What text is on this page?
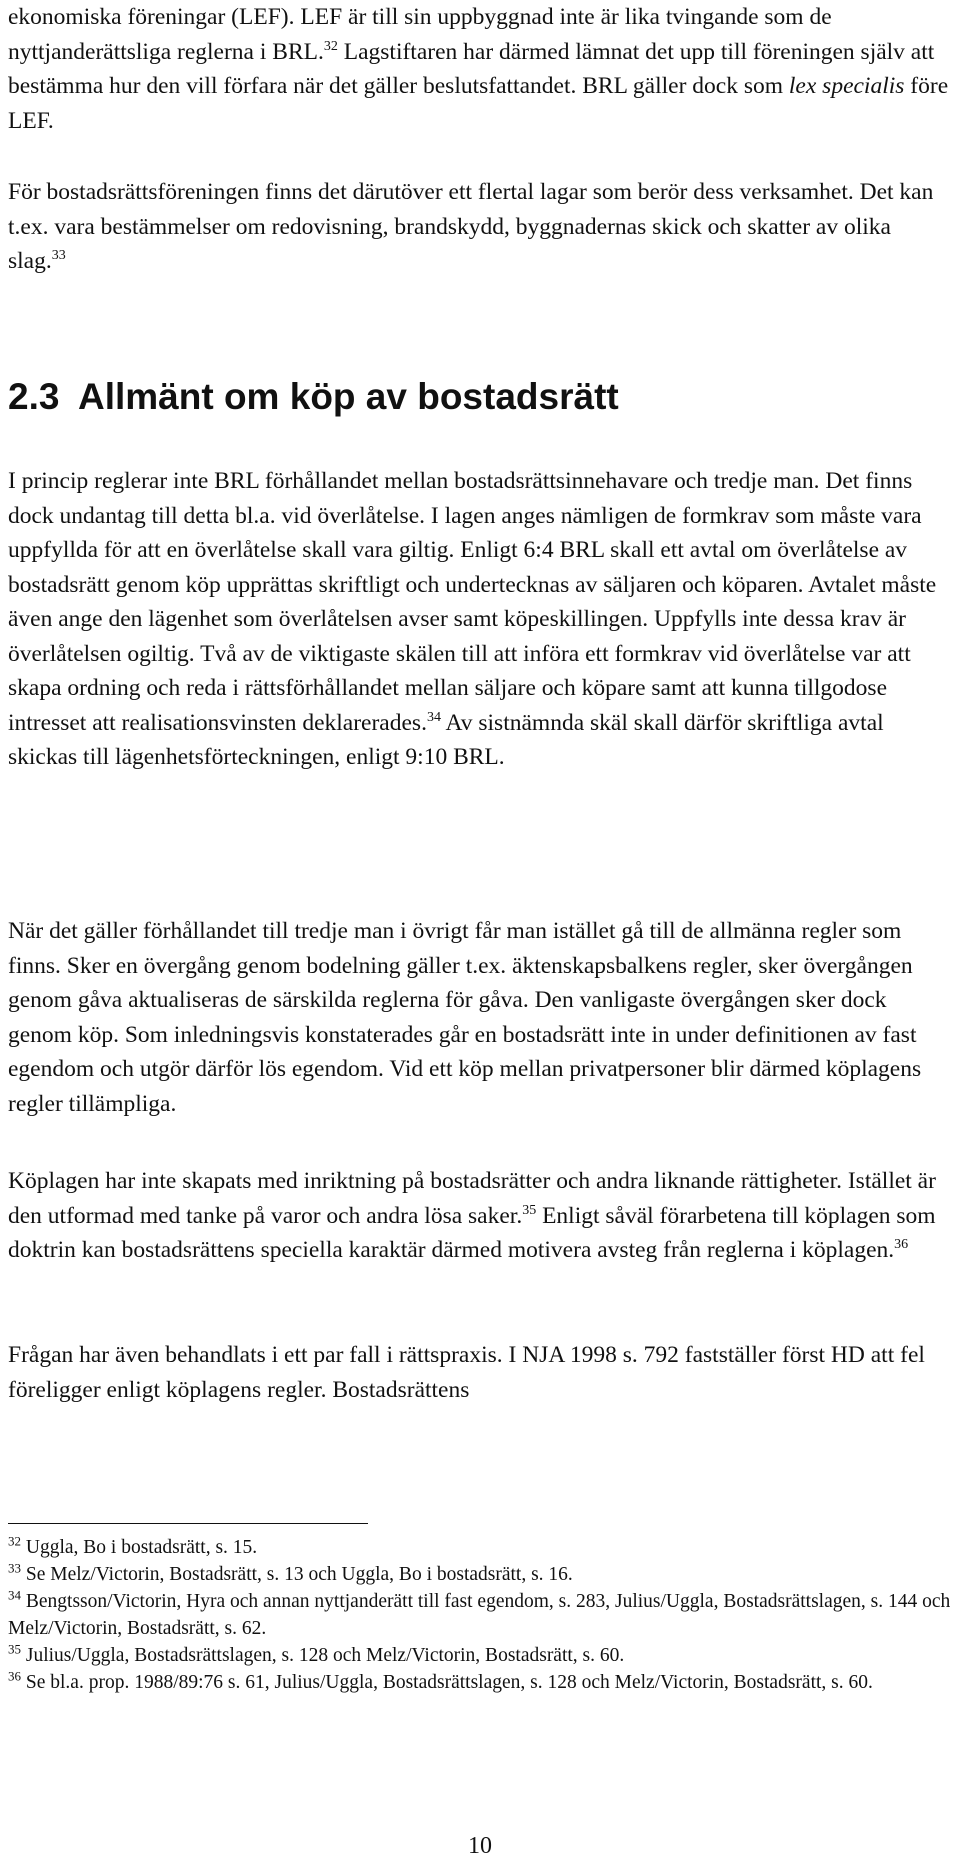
ekonomiska föreningar (LEF). LEF är till sin uppbyggnad inte är lika tvingande som de nyttjanderättsliga reglerna i BRL.$^{32}$ Lagstiftaren har därmed lämnat det upp till föreningen själv att bestämma hur den vill förfara när det gäller beslutsfattandet. BRL gäller dock som lex specialis före LEF.

För bostadsrättsföreningen finns det därutöver ett flertal lagar som berör dess verksamhet. Det kan t.ex. vara bestämmelser om redovisning, brandskydd, byggnadernas skick och skatter av olika slag.$^{33}$

2.3 Allmänt om köp av bostadsrätt

I princip reglerar inte BRL förhållandet mellan bostadsrättsinnehavare och tredje man. Det finns dock undantag till detta bl.a. vid överlåtelse. I lagen anges nämligen de formkrav som måste vara uppfyllda för att en överlåtelse skall vara giltig. Enligt 6:4 BRL skall ett avtal om överlåtelse av bostadsrätt genom köp upprättas skriftligt och undertecknas av säljaren och köparen. Avtalet måste även ange den lägenhet som överlåtelsen avser samt köpeskillingen. Uppfylls inte dessa krav är överlåtelsen ogiltig. Två av de viktigaste skälen till att införa ett formkrav vid överlåtelse var att skapa ordning och reda i rättsförhållandet mellan säljare och köpare samt att kunna tillgodose intresset att realisationsvinsten deklarerades.$^{34}$ Av sistnämnda skäl skall därför skriftliga avtal skickas till lägenhetsförteckningen, enligt 9:10 BRL.

När det gäller förhållandet till tredje man i övrigt får man istället gå till de allmänna regler som finns. Sker en övergång genom bodelning gäller t.ex. äktenskapsbalkens regler, sker övergången genom gåva aktualiseras de särskilda reglerna för gåva. Den vanligaste övergången sker dock genom köp. Som inledningsvis konstaterades går en bostadsrätt inte in under definitionen av fast egendom och utgör därför lös egendom. Vid ett köp mellan privatpersoner blir därmed köplagens regler tillämpliga.

Köplagen har inte skapats med inriktning på bostadsrätter och andra liknande rättigheter. Istället är den utformad med tanke på varor och andra lösa saker.$^{35}$ Enligt såväl förarbetena till köplagen som doktrin kan bostadsrättens speciella karaktär därmed motivera avsteg från reglerna i köplagen.$^{36}$

Frågan har även behandlats i ett par fall i rättspraxis. I NJA 1998 s. 792 fastställer först HD att fel föreligger enligt köplagens regler. Bostadsrättens

$^{32}$ Uggla, Bo i bostadsrätt, s. 15.

$^{33}$ Se Melz/Victorin, Bostadsrätt, s. 13 och Uggla, Bo i bostadsrätt, s. 16.

$^{34}$ Bengtsson/Victorin, Hyra och annan nyttjanderätt till fast egendom, s. 283, Julius/Uggla, Bostadsrättslagen, s. 144 och Melz/Victorin, Bostadsrätt, s. 62.

$^{35}$ Julius/Uggla, Bostadsrättslagen, s. 128 och Melz/Victorin, Bostadsrätt, s. 60.

$^{36}$ Se bl.a. prop. 1988/89:76 s. 61, Julius/Uggla, Bostadsrättslagen, s. 128 och Melz/Victorin, Bostadsrätt, s. 60.

10
